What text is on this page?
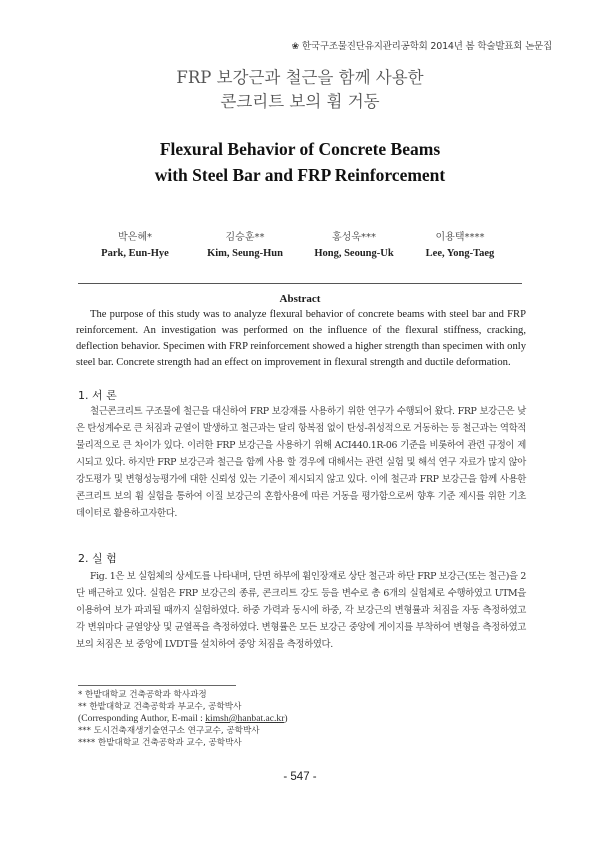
❀ 한국구조물진단유지관리공학회 2014년 봄 학술발표회 논문집
FRP 보강근과 철근을 함께 사용한
콘크리트 보의 휨 거동
Flexural Behavior of Concrete Beams
with Steel Bar and FRP Reinforcement
박은혜*
Park, Eun-Hye
김승훈**
Kim, Seung-Hun
홍성욱***
Hong, Seoung-Uk
이용택****
Lee, Yong-Taeg
Abstract
The purpose of this study was to analyze flexural behavior of concrete beams with steel bar and FRP reinforcement. An investigation was performed on the influence of the flexural stiffness, cracking, deflection behavior. Specimen with FRP reinforcement showed a higher strength than specimen with only steel bar. Concrete strength had an effect on improvement in flexural strength and ductile deformation.
1. 서 론
철근콘크리트 구조물에 철근을 대신하여 FRP 보강재를 사용하기 위한 연구가 수행되어 왔다. FRP 보강근은 낮은 탄성계수로 큰 처짐과 균열이 발생하고 철근과는 달리 항복점 없이 탄성-취성적으로 거동하는 등 철근과는 역학적 물리적으로 큰 차이가 있다. 이러한 FRP 보강근을 사용하기 위해 ACI440.1R-06 기준을 비롯하여 관련 규정이 제시되고 있다. 하지만 FRP 보강근과 철근을 함께 사용 할 경우에 대해서는 관련 실험 및 해석 연구 자료가 많지 않아 강도평가 및 변형성능평가에 대한 신뢰성 있는 기준이 제시되지 않고 있다. 이에 철근과 FRP 보강근을 함께 사용한 콘크리트 보의 휨 실험을 통하여 이질 보강근의 혼합사용에 따른 거동을 평가함으로써 향후 기준 제시를 위한 기초 데이터로 활용하고자한다.
2. 실 험
Fig. 1은 보 실험체의 상세도를 나타내며, 단면 하부에 휨인장재로 상단 철근과 하단 FRP 보강근(또는 철근)을 2단 배근하고 있다. 실험은 FRP 보강근의 종류, 콘크리트 강도 등을 변수로 총 6개의 실험체로 수행하였고 UTM을 이용하여 보가 파괴될 때까지 실험하였다. 하중 가력과 동시에 하중, 각 보강근의 변형률과 처짐을 자동 측정하였고 각 변위마다 균열양상 및 균열폭을 측정하였다. 변형률은 모든 보강근 중앙에 게이지를 부착하여 변형을 측정하였고 보의 처짐은 보 중앙에 LVDT를 설치하여 중앙 처짐을 측정하였다.
* 한밭대학교 건축공학과 학사과정
** 한밭대학교 건축공학과 부교수, 공학박사
(Corresponding Author, E-mail : kimsh@hanbat.ac.kr)
*** 도시건축재생기술연구소 연구교수, 공학박사
**** 한밭대학교 건축공학과 교수, 공학박사
- 547 -
